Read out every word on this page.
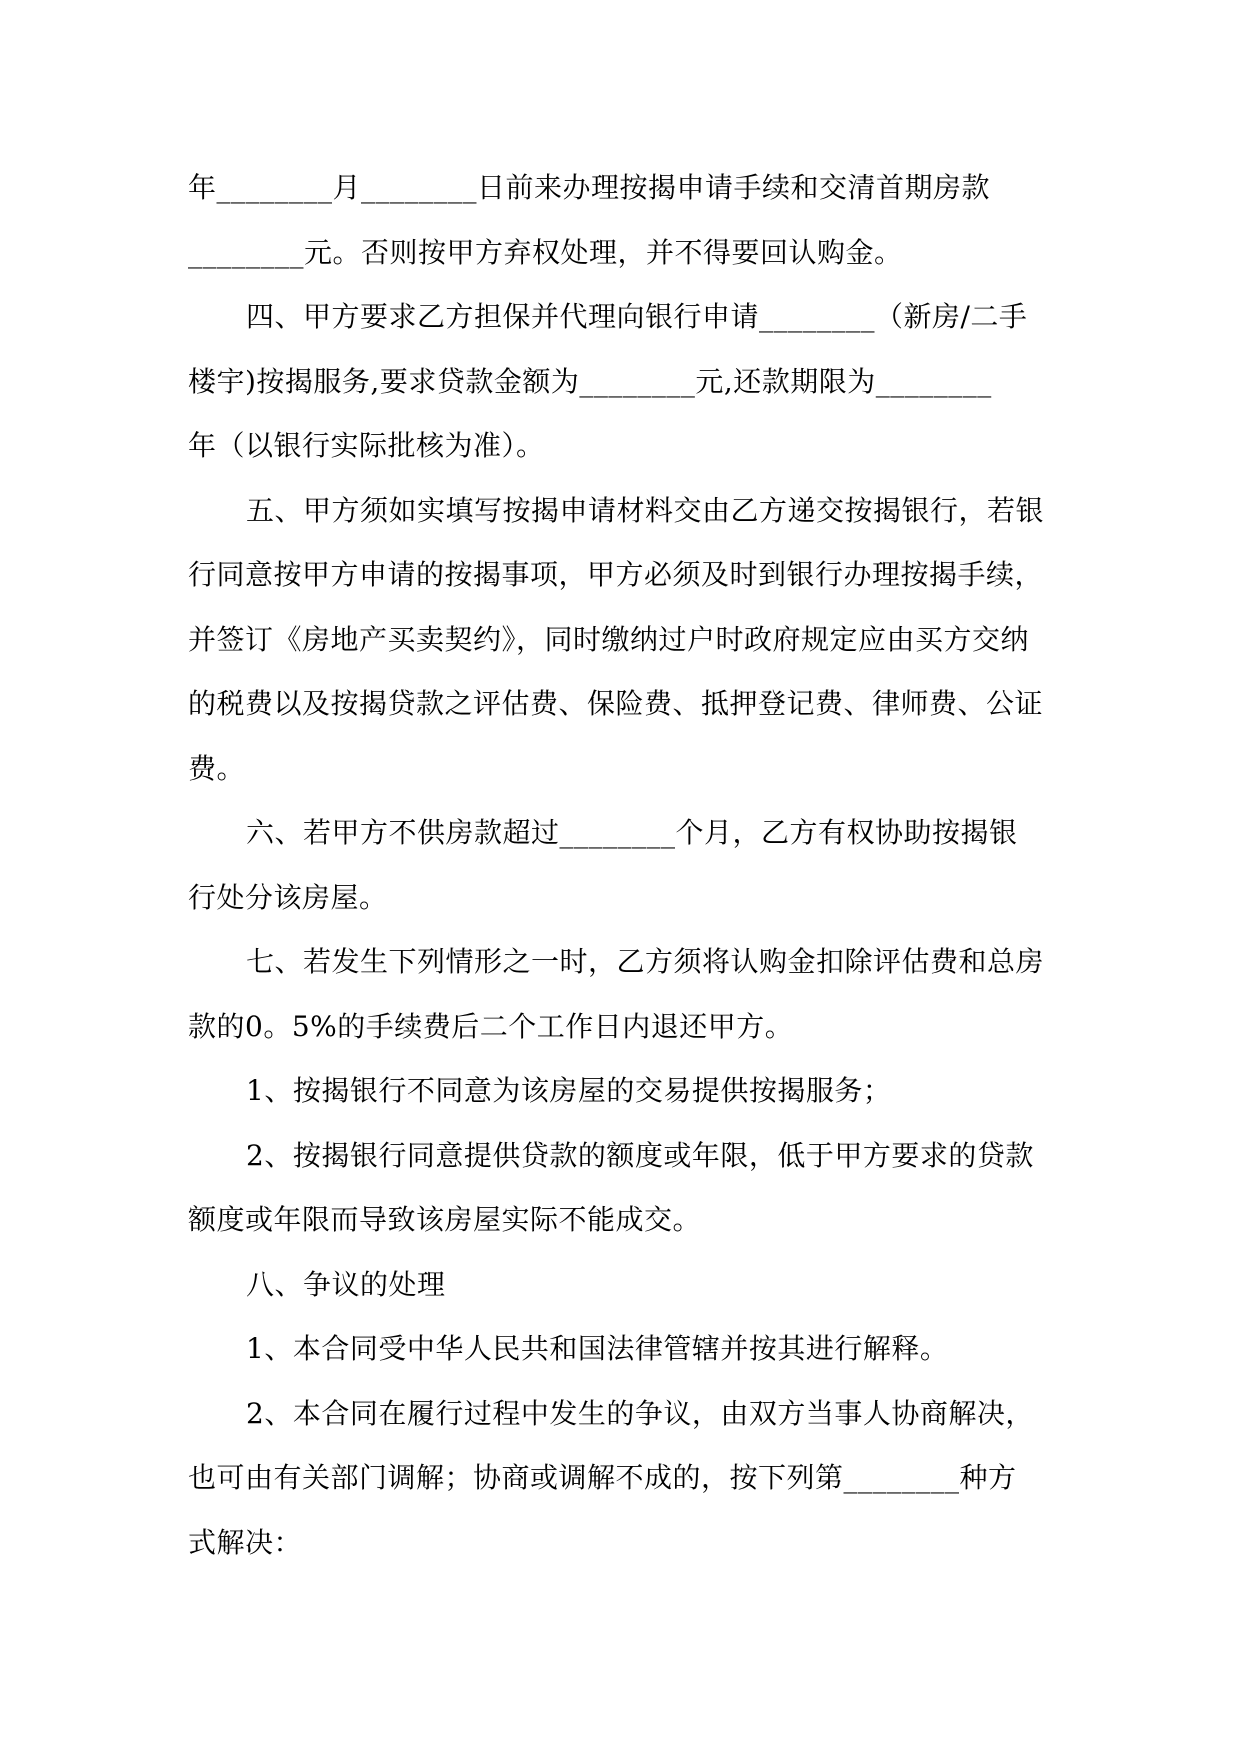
年________月________日前来办理按揭申请手续和交清首期房款
________元。否则按甲方弃权处理，并不得要回认购金。
四、甲方要求乙方担保并代理向银行申请________（新房/二手
楼宇)按揭服务,要求贷款金额为________元,还款期限为________
年（以银行实际批核为准）。
五、甲方须如实填写按揭申请材料交由乙方递交按揭银行，若银
行同意按甲方申请的按揭事项，甲方必须及时到银行办理按揭手续，
并签订《房地产买卖契约》，同时缴纳过户时政府规定应由买方交纳
的税费以及按揭贷款之评估费、保险费、抵押登记费、律师费、公证
费。
六、若甲方不供房款超过________个月，乙方有权协助按揭银
行处分该房屋。
七、若发生下列情形之一时，乙方须将认购金扣除评估费和总房
款的0。5%的手续费后二个工作日内退还甲方。
1、按揭银行不同意为该房屋的交易提供按揭服务；
2、按揭银行同意提供贷款的额度或年限，低于甲方要求的贷款
额度或年限而导致该房屋实际不能成交。
八、争议的处理
1、本合同受中华人民共和国法律管辖并按其进行解释。
2、本合同在履行过程中发生的争议，由双方当事人协商解决，
也可由有关部门调解；协商或调解不成的，按下列第________种方
式解决：
